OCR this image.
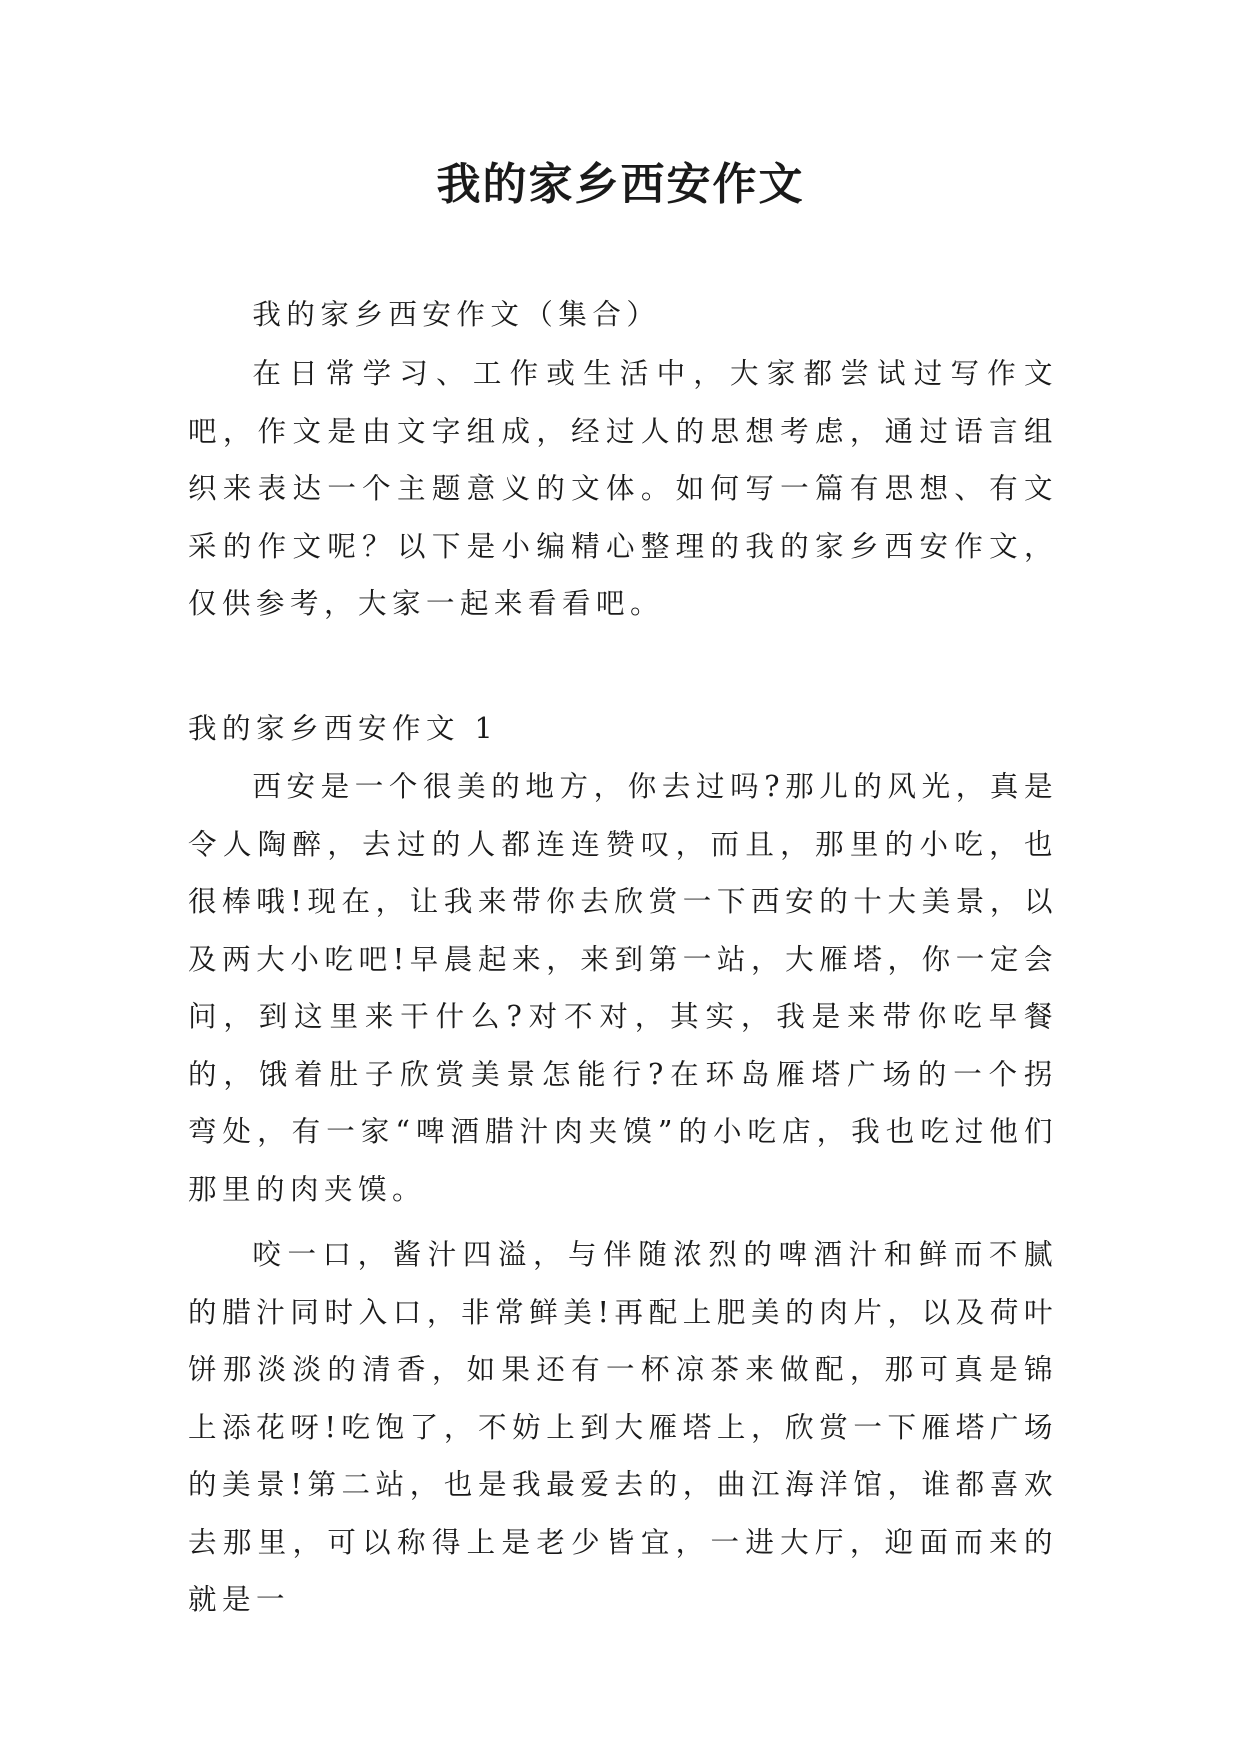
我的家乡西安作文

我的家乡西安作文（集合）

在日常学习、工作或生活中，大家都尝试过写作文吧，作文是由文字组成，经过人的思想考虑，通过语言组织来表达一个主题意义的文体。如何写一篇有思想、有文采的作文呢？以下是小编精心整理的我的家乡西安作文，仅供参考，大家一起来看看吧。

我的家乡西安作文 1

西安是一个很美的地方，你去过吗?那儿的风光，真是令人陶醉，去过的人都连连赞叹，而且，那里的小吃，也很棒哦!现在，让我来带你去欣赏一下西安的十大美景，以及两大小吃吧!早晨起来，来到第一站，大雁塔，你一定会问，到这里来干什么?对不对，其实，我是来带你吃早餐的，饿着肚子欣赏美景怎能行?在环岛雁塔广场的一个拐弯处，有一家“啤酒腊汁肉夹馍”的小吃店，我也吃过他们那里的肉夹馍。

咬一口，酱汁四溢，与伴随浓烈的啤酒汁和鲜而不腻的腊汁同时入口，非常鲜美!再配上肥美的肉片，以及荷叶饼那淡淡的清香，如果还有一杯凉茶来做配，那可真是锦上添花呀!吃饱了，不妨上到大雁塔上，欣赏一下雁塔广场的美景!第二站，也是我最爱去的，曲江海洋馆，谁都喜欢去那里，可以称得上是老少皆宜，一进大厅，迎面而来的就是一
